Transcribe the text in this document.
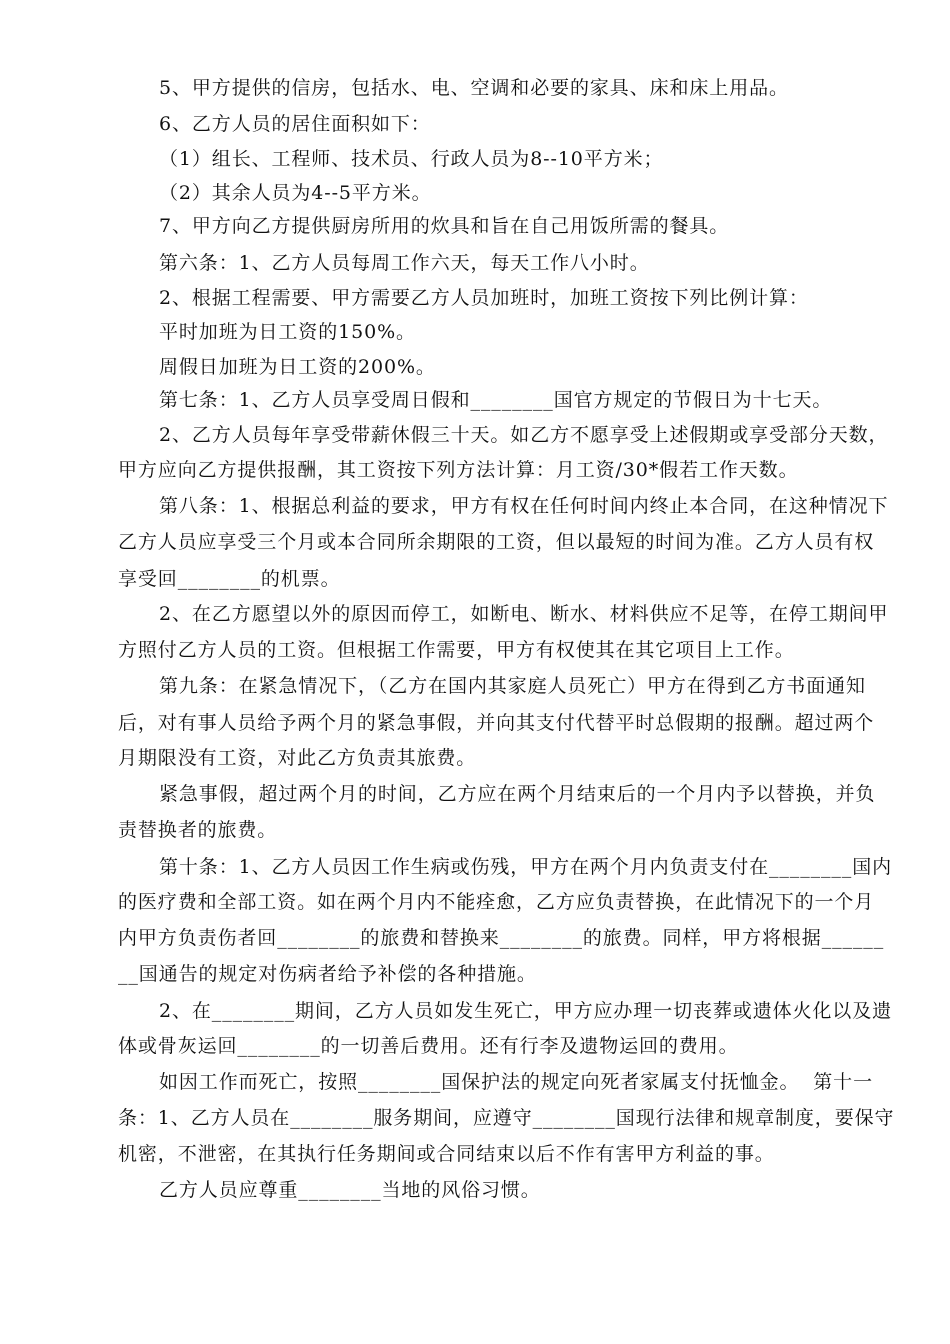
5、甲方提供的信房，包括水、电、空调和必要的家具、床和床上用品。

6、乙方人员的居住面积如下：

（1）组长、工程师、技术员、行政人员为8--10平方米；

（2）其余人员为4--5平方米。

7、甲方向乙方提供厨房所用的炊具和旨在自己用饭所需的餐具。

第六条：1、乙方人员每周工作六天，每天工作八小时。

2、根据工程需要、甲方需要乙方人员加班时，加班工资按下列比例计算：

平时加班为日工资的150%。

周假日加班为日工资的200%。

第七条：1、乙方人员享受周日假和________国官方规定的节假日为十七天。

2、乙方人员每年享受带薪休假三十天。如乙方不愿享受上述假期或享受部分天数，

甲方应向乙方提供报酬，其工资按下列方法计算：月工资/30*假若工作天数。

第八条：1、根据总利益的要求，甲方有权在任何时间内终止本合同，在这种情况下

乙方人员应享受三个月或本合同所余期限的工资，但以最短的时间为准。乙方人员有权

享受回________的机票。

2、在乙方愿望以外的原因而停工，如断电、断水、材料供应不足等，在停工期间甲

方照付乙方人员的工资。但根据工作需要，甲方有权使其在其它项目上工作。

第九条：在紧急情况下，（乙方在国内其家庭人员死亡）甲方在得到乙方书面通知

后，对有事人员给予两个月的紧急事假，并向其支付代替平时总假期的报酬。超过两个

月期限没有工资，对此乙方负责其旅费。

紧急事假，超过两个月的时间，乙方应在两个月结束后的一个月内予以替换，并负

责替换者的旅费。

第十条：1、乙方人员因工作生病或伤残，甲方在两个月内负责支付在________国内

的医疗费和全部工资。如在两个月内不能痊愈，乙方应负责替换，在此情况下的一个月

内甲方负责伤者回________的旅费和替换来________的旅费。同样，甲方将根据______

__国通告的规定对伤病者给予补偿的各种措施。

2、在________期间，乙方人员如发生死亡，甲方应办理一切丧葬或遗体火化以及遗

体或骨灰运回________的一切善后费用。还有行李及遗物运回的费用。

如因工作而死亡，按照________国保护法的规定向死者家属支付抚恤金。  第十一

条：1、乙方人员在________服务期间，应遵守________国现行法律和规章制度，要保守

机密，不泄密，在其执行任务期间或合同结束以后不作有害甲方利益的事。

乙方人员应尊重________当地的风俗习惯。
